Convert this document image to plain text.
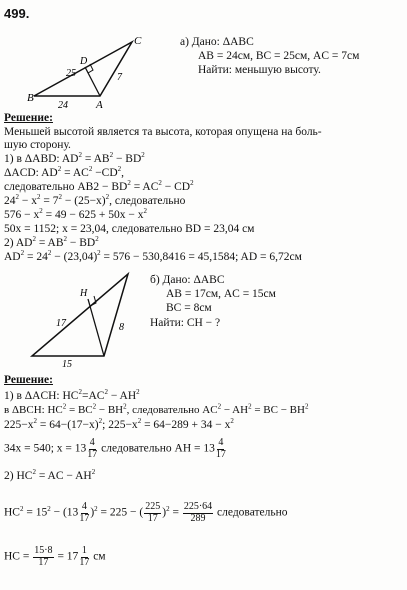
499.
C
D
B
A
25	7
24
а) Дано: ΔABC
AB = 24см, BC = 25см, AC = 7см
Найти: меньшую высоту.
Решение:
Меньшей высотой является та высота, которая опущена на боль-
шую сторону.
1) в ΔABD: $AD^2 = AB^2 - BD^2$
ΔACD: $AD^2 = AC^2 -CD^2$,
следовательно $AB2 - BD^2 = AC^2 - CD^2$
$24^2 - x^2 = 7^2 - (25-x)^2$, следовательно
$576 - x^2 = 49 - 625 + 50x - x^2$
50x = 1152; x = 23,04, следовательно BD = 23,04 см
2) $AD^2 = AB^2 - BD^2$
$AD^2 = 24^2 - (23,04)^2 = 576 - 530,8416 = 45,1584$; AD = 6,72см
H
17	8
15
б) Дано: ΔABC
AB = 17см, AC = 15см
BC = 8см
Найти: CH − ?
Решение:
1) в ΔACH: $HC^2=AC^2 - AH^2$
в ΔBCH: $HC^2 = BC^2 - BH^2$, следовательно $AC^2 - AH^2$ = BC − $BH^2$
$225-x^2 = 64-(17-x)^2$; $225-x^2 = 64-289 + 34 - x^2$
34x = 540; $x = 13 \frac{4}{17}$ следовательно AH = $13 \frac{4}{17}$
2) $HC^2$ = AC − $AH^2$
$HC^2 = 15^2 - (13 \frac{4}{17} )^2 = 225$ − ( $\frac{225}{17} )^2 = \frac{225\cdot 64}{289}$ следовательно
HC = $\frac{15\cdot 8}{17} = 17 \frac{1}{17}$ см
